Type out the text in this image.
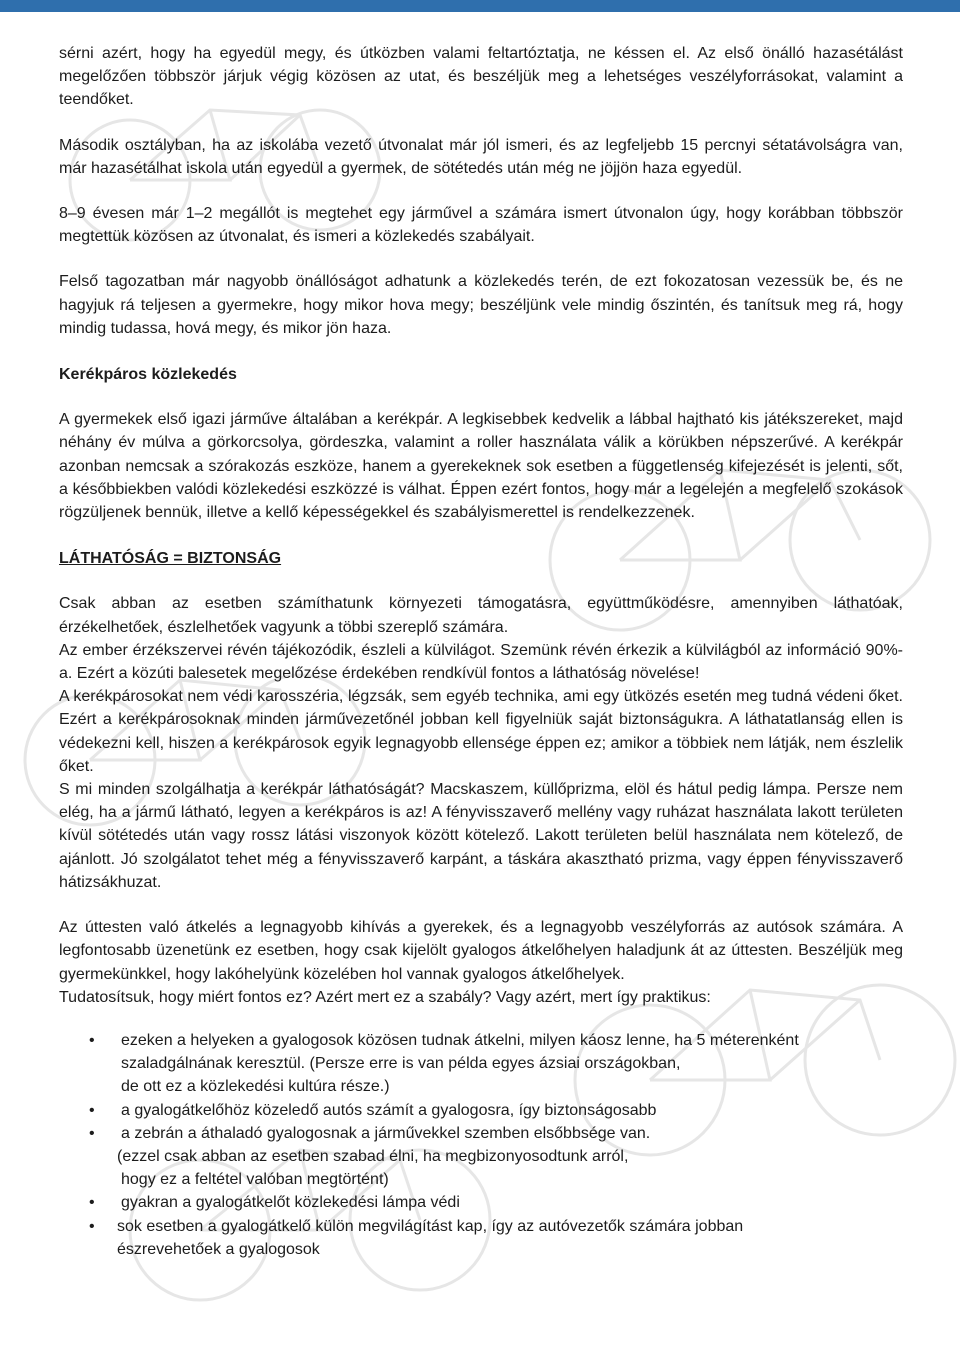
sérni azért, hogy ha egyedül megy, és útközben valami feltartóztatja, ne késsen el. Az első önálló hazasétálást megelőzően többször járjuk végig közösen az utat, és beszéljük meg a lehetséges veszélyforrásokat, valamint a teendőket.

Második osztályban, ha az iskolába vezető útvonalat már jól ismeri, és az legfeljebb 15 percnyi sétatávolságra van, már hazasétálhat iskola után egyedül a gyermek, de sötétedés után még ne jöjjön haza egyedül.

8–9 évesen már 1–2 megállót is megtehet egy járművel a számára ismert útvonalon úgy, hogy korábban többször megtettük közösen az útvonalat, és ismeri a közlekedés szabályait.

Felső tagozatban már nagyobb önállóságot adhatunk a közlekedés terén, de ezt fokozatosan vezessük be, és ne hagyjuk rá teljesen a gyermekre, hogy mikor hova megy; beszéljünk vele mindig őszintén, és tanítsuk meg rá, hogy mindig tudassa, hová megy, és mikor jön haza.

Kerékpáros közlekedés

A gyermekek első igazi járműve általában a kerékpár. A legkisebbek kedvelik a lábbal hajtható kis játékszereket, majd néhány év múlva a görkorcsolya, gördeszka, valamint a roller használata válik a körükben népszerűvé. A kerékpár azonban nemcsak a szórakozás eszköze, hanem a gyerekeknek sok esetben a függetlenség kifejezését is jelenti, sőt, a későbbiekben valódi közlekedési eszközzé is válhat. Éppen ezért fontos, hogy már a legelején a megfelelő szokások rögzüljenek bennük, illetve a kellő képességekkel és szabályismerettel is rendelkezzenek.

LÁTHATÓSÁG = BIZTONSÁG

Csak abban az esetben számíthatunk környezeti támogatásra, együttműködésre, amennyiben láthatóak, érzékelhetőek, észlelhetőek vagyunk a többi szereplő számára.

Az ember érzékszervei révén tájékozódik, észleli a külvilágot. Szemünk révén érkezik a külvilágból az információ 90%-a. Ezért a közúti balesetek megelőzése érdekében rendkívül fontos a láthatóság növelése!

A kerékpárosokat nem védi karosszéria, légzsák, sem egyéb technika, ami egy ütközés esetén meg tudná védeni őket. Ezért a kerékpárosoknak minden járművezetőnél jobban kell figyelniük saját biztonságukra. A láthatatlanság ellen is védekezni kell, hiszen a kerékpárosok egyik legnagyobb ellensége éppen ez; amikor a többiek nem látják, nem észlelik őket.

S mi minden szolgálhatja a kerékpár láthatóságát? Macskaszem, küllőprizma, elöl és hátul pedig lámpa. Persze nem elég, ha a jármű látható, legyen a kerékpáros is az! A fényvisszaverő mellény vagy ruházat használata lakott területen kívül sötétedés után vagy rossz látási viszonyok között kötelező. Lakott területen belül használata nem kötelező, de ajánlott. Jó szolgálatot tehet még a fényvisszaverő karpánt, a táskára akasztható prizma, vagy éppen fényvisszaverő hátizsákhuzat.

Az úttesten való átkelés a legnagyobb kihívás a gyerekek, és a legnagyobb veszélyforrás az autósok számára. A legfontosabb üzenetünk ez esetben, hogy csak kijelölt gyalogos átkelőhelyen haladjunk át az úttesten. Beszéljük meg gyermekünkkel, hogy lakóhelyünk közelében hol vannak gyalogos átkelőhelyek.

Tudatosítsuk, hogy miért fontos ez? Azért mert ez a szabály? Vagy azért, mert így praktikus:

• ezeken a helyeken a gyalogosok közösen tudnak átkelni, milyen káosz lenne, ha 5 méterenként
szaladgálnának keresztül. (Persze erre is van példa egyes ázsiai országokban,
de ott ez a közlekedési kultúra része.)
• a gyalogátkelőhöz közeledő autós számít a gyalogosra, így biztonságosabb
• a zebrán a áthaladó gyalogosnak a járművekkel szemben elsőbbsége van.
(ezzel csak abban az esetben szabad élni, ha megbizonyosodtunk arról,
hogy ez a feltétel valóban megtörtént)
• gyakran a gyalogátkelőt közlekedési lámpa védi
• sok esetben a gyalogátkelő külön megvilágítást kap, így az autóvezetők számára jobban
észrevehetőek a gyalogosok
